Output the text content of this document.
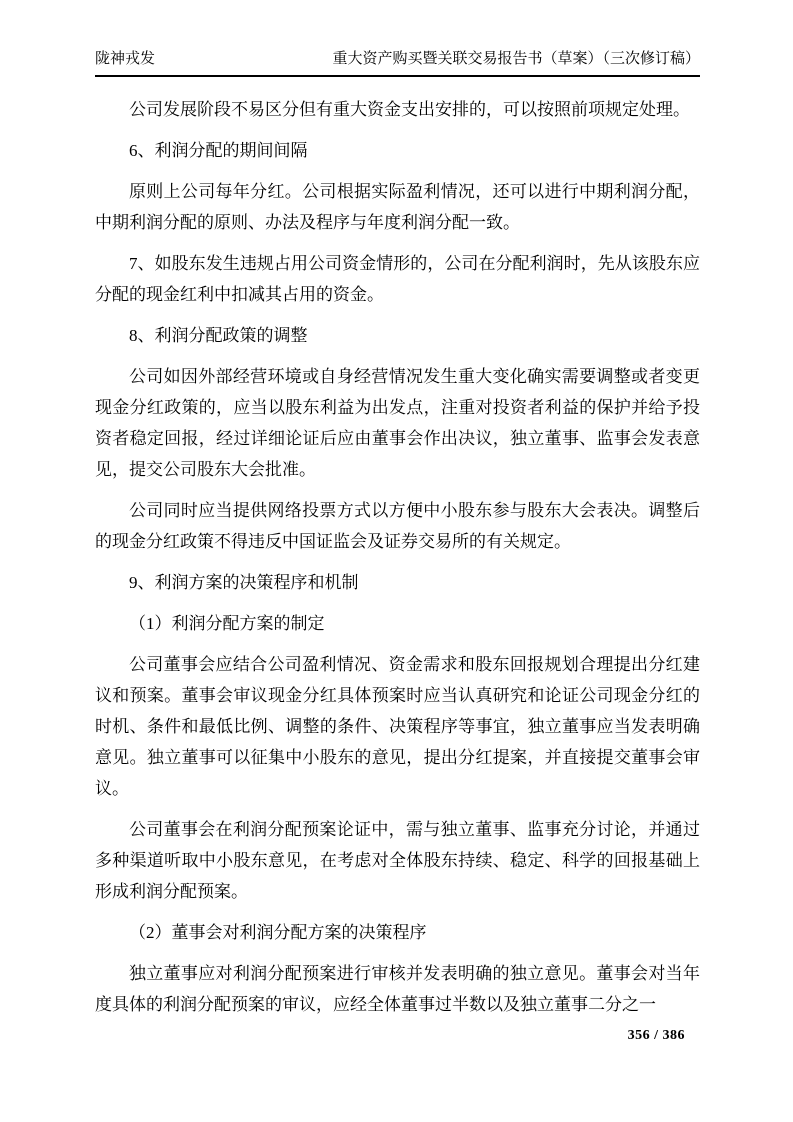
陇神戎发	重大资产购买暨关联交易报告书（草案）（三次修订稿）

公司发展阶段不易区分但有重大资金支出安排的，可以按照前项规定处理。

6、利润分配的期间间隔

原则上公司每年分红。公司根据实际盈利情况，还可以进行中期利润分配，中期利润分配的原则、办法及程序与年度利润分配一致。

7、如股东发生违规占用公司资金情形的，公司在分配利润时，先从该股东应分配的现金红利中扣减其占用的资金。

8、利润分配政策的调整

公司如因外部经营环境或自身经营情况发生重大变化确实需要调整或者变更现金分红政策的，应当以股东利益为出发点，注重对投资者利益的保护并给予投资者稳定回报，经过详细论证后应由董事会作出决议，独立董事、监事会发表意见，提交公司股东大会批准。

公司同时应当提供网络投票方式以方便中小股东参与股东大会表决。调整后的现金分红政策不得违反中国证监会及证券交易所的有关规定。

9、利润方案的决策程序和机制

（1）利润分配方案的制定

公司董事会应结合公司盈利情况、资金需求和股东回报规划合理提出分红建议和预案。董事会审议现金分红具体预案时应当认真研究和论证公司现金分红的时机、条件和最低比例、调整的条件、决策程序等事宜，独立董事应当发表明确意见。独立董事可以征集中小股东的意见，提出分红提案，并直接提交董事会审议。

公司董事会在利润分配预案论证中，需与独立董事、监事充分讨论，并通过多种渠道听取中小股东意见，在考虑对全体股东持续、稳定、科学的回报基础上形成利润分配预案。

（2）董事会对利润分配方案的决策程序

独立董事应对利润分配预案进行审核并发表明确的独立意见。董事会对当年度具体的利润分配预案的审议，应经全体董事过半数以及独立董事二分之一

356 / 386
